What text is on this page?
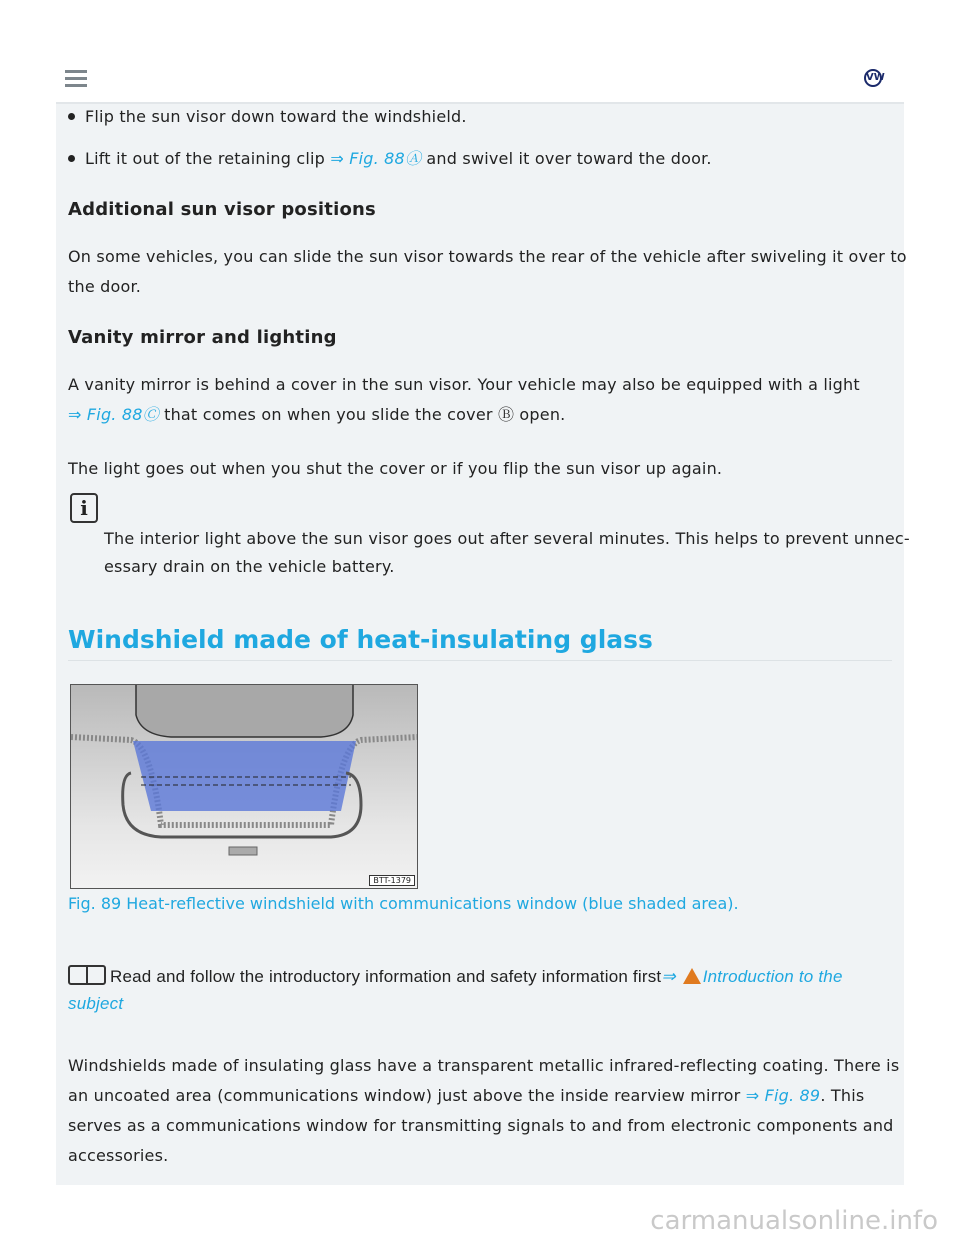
VW
Flip the sun visor down toward the windshield.
Lift it out of the retaining clip ⇒ Fig. 88Ⓐ and swivel it over toward the door.
Additional sun visor positions
On some vehicles, you can slide the sun visor towards the rear of the vehicle after swiveling it over to
the door.
Vanity mirror and lighting
A vanity mirror is behind a cover in the sun visor. Your vehicle may also be equipped with a light
⇒ Fig. 88Ⓒ that comes on when you slide the cover Ⓑ open.
The light goes out when you shut the cover or if you flip the sun visor up again.
i
The interior light above the sun visor goes out after several minutes. This helps to prevent unnec-
essary drain on the vehicle battery.
Windshield made of heat-insulating glass
BTT-1379
Fig. 89 Heat-reflective windshield with communications window (blue shaded area).
Read and follow the introductory information and safety information first⇒ Introduction to the
subject
Windshields made of insulating glass have a transparent metallic infrared-reflecting coating. There is
an uncoated area (communications window) just above the inside rearview mirror ⇒ Fig. 89. This
serves as a communications window for transmitting signals to and from electronic components and
accessories.
carmanualsonline.info
